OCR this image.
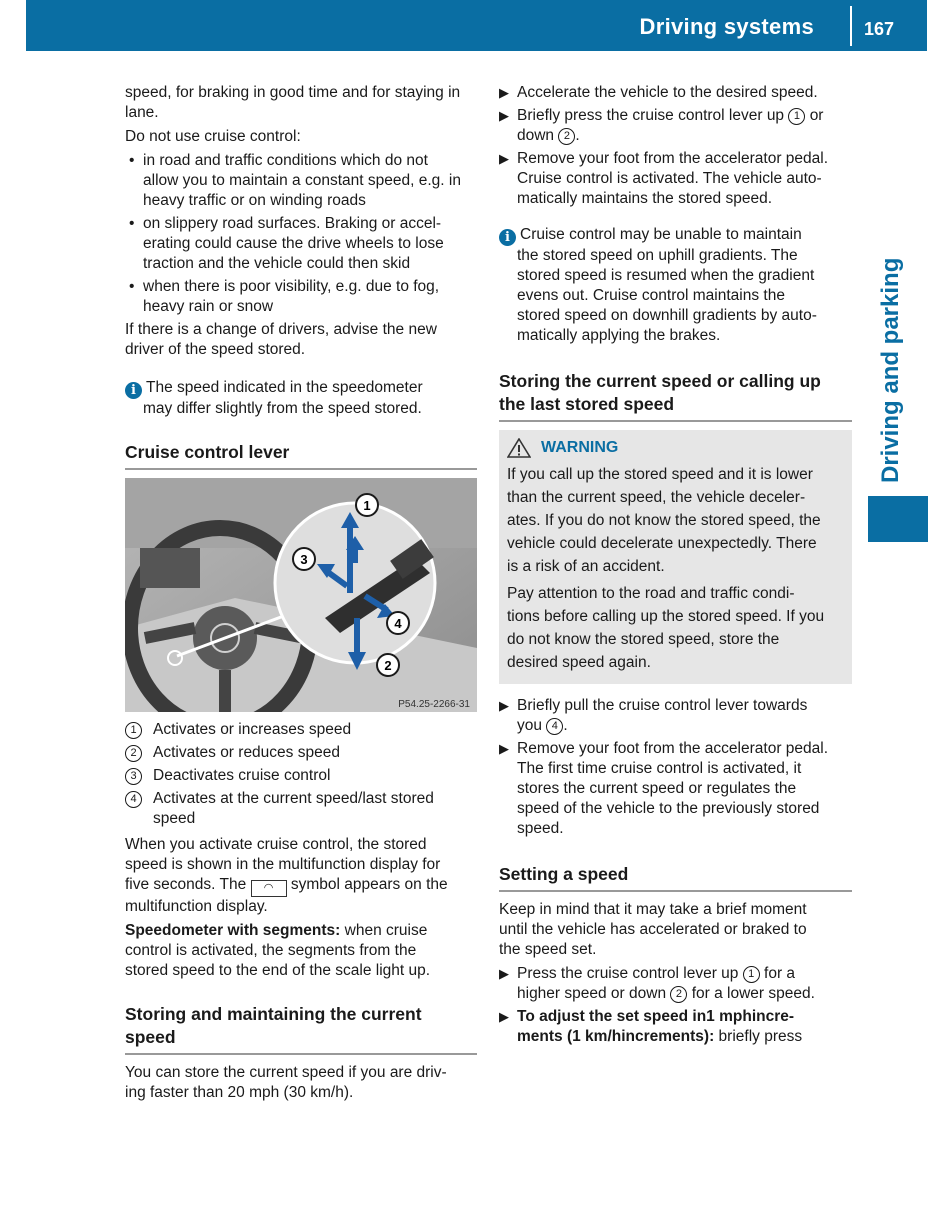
Driving systems	167
Driving and parking

speed, for braking in good time and for staying in
lane.

Do not use cruise control:

• in road and traffic conditions which do not
allow you to maintain a constant speed, e.g. in
heavy traffic or on winding roads
• on slippery road surfaces. Braking or accel-
erating could cause the drive wheels to lose
traction and the vehicle could then skid
• when there is poor visibility, e.g. due to fog,
heavy rain or snow

If there is a change of drivers, advise the new
driver of the speed stored.

i The speed indicated in the speedometer
may differ slightly from the speed stored.
Cruise control lever
1
2
3
4
P54.25-2266-31
1	Activates or increases speed
2	Activates or reduces speed
3	Deactivates cruise control
4	Activates at the current speed/last stored
speed

When you activate cruise control, the stored
speed is shown in the multifunction display for
five seconds. The ◠ symbol appears on the
multifunction display.

Speedometer with segments: when cruise
control is activated, the segments from the
stored speed to the end of the scale light up.

Storing and maintaining the current
speed

You can store the current speed if you are driv-
ing faster than 20 mph (30 km/h).

▶ Accelerate the vehicle to the desired speed.
▶ Briefly press the cruise control lever up 1 or
down 2 .
▶ Remove your foot from the accelerator pedal.
Cruise control is activated. The vehicle auto-
matically maintains the stored speed.
i Cruise control may be unable to maintain
the stored speed on uphill gradients. The
stored speed is resumed when the gradient
evens out. Cruise control maintains the
stored speed on downhill gradients by auto-
matically applying the brakes.
Storing the current speed or calling up
the last stored speed
WARNING

If you call up the stored speed and it is lower
than the current speed, the vehicle deceler-
ates. If you do not know the stored speed, the
vehicle could decelerate unexpectedly. There
is a risk of an accident.

Pay attention to the road and traffic condi-
tions before calling up the stored speed. If you
do not know the stored speed, store the
desired speed again.

▶ Briefly pull the cruise control lever towards
you 4 .
▶ Remove your foot from the accelerator pedal.
The first time cruise control is activated, it
stores the current speed or regulates the
speed of the vehicle to the previously stored
speed.
Setting a speed

Keep in mind that it may take a brief moment
until the vehicle has accelerated or braked to
the speed set.

▶ Press the cruise control lever up 1 for a
higher speed or down 2 for a lower speed.
▶ To adjust the set speed in1 mphincre-
ments (1 km/hincrements): briefly press
